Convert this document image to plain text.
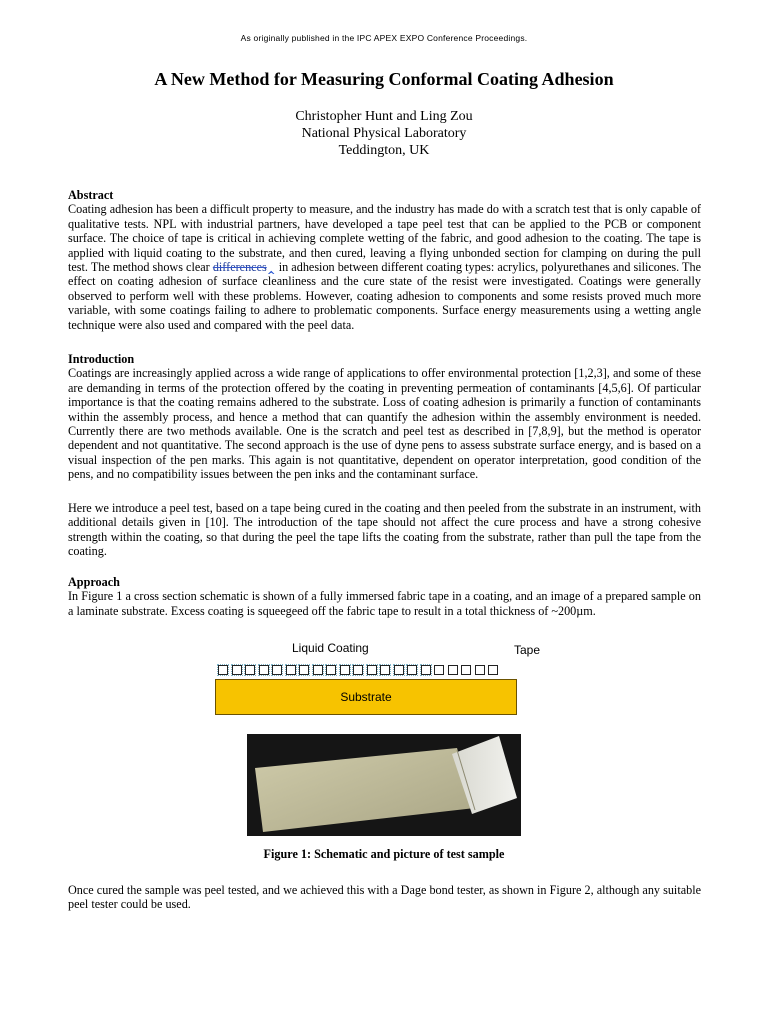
As originally published in the IPC APEX EXPO Conference Proceedings.
A New Method for Measuring Conformal Coating Adhesion
Christopher Hunt and Ling Zou
National Physical Laboratory
Teddington, UK
Abstract
Coating adhesion has been a difficult property to measure, and the industry has made do with a scratch test that is only capable of qualitative tests. NPL with industrial partners, have developed a tape peel test that can be applied to the PCB or component surface. The choice of tape is critical in achieving complete wetting of the fabric, and good adhesion to the coating. The tape is applied with liquid coating to the substrate, and then cured, leaving a flying unbonded section for clamping on during the pull test. The method shows clear differences‸ in adhesion between different coating types: acrylics, polyurethanes and silicones. The effect on coating adhesion of surface cleanliness and the cure state of the resist were investigated. Coatings were generally observed to perform well with these problems. However, coating adhesion to components and some resists proved much more variable, with some coatings failing to adhere to problematic components. Surface energy measurements using a wetting angle technique were also used and compared with the peel data.
Introduction
Coatings are increasingly applied across a wide range of applications to offer environmental protection [1,2,3], and some of these are demanding in terms of the protection offered by the coating in preventing permeation of contaminants [4,5,6]. Of particular importance is that the coating remains adhered to the substrate. Loss of coating adhesion is primarily a function of contaminants within the assembly process, and hence a method that can quantify the adhesion within the assembly environment is needed. Currently there are two methods available. One is the scratch and peel test as described in [7,8,9], but the method is operator dependent and not quantitative. The second approach is the use of dyne pens to assess substrate surface energy, and is based on a visual inspection of the pen marks. This again is not quantitative, dependent on operator interpretation, good condition of the pens, and no compatibility issues between the pen inks and the contaminant surface.
Here we introduce a peel test, based on a tape being cured in the coating and then peeled from the substrate in an instrument, with additional details given in [10]. The introduction of the tape should not affect the cure process and have a strong cohesive strength within the coating, so that during the peel the tape lifts the coating from the substrate, rather than pull the tape from the coating.
Approach
In Figure 1 a cross section schematic is shown of a fully immersed fabric tape in a coating, and an image of a prepared sample on a laminate substrate. Excess coating is squeegeed off the fabric tape to result in a total thickness of ~200µm.
Liquid Coating	Tape
Substrate
Figure 1: Schematic and picture of test sample
Once cured the sample was peel tested, and we achieved this with a Dage bond tester, as shown in Figure 2, although any suitable peel tester could be used.
